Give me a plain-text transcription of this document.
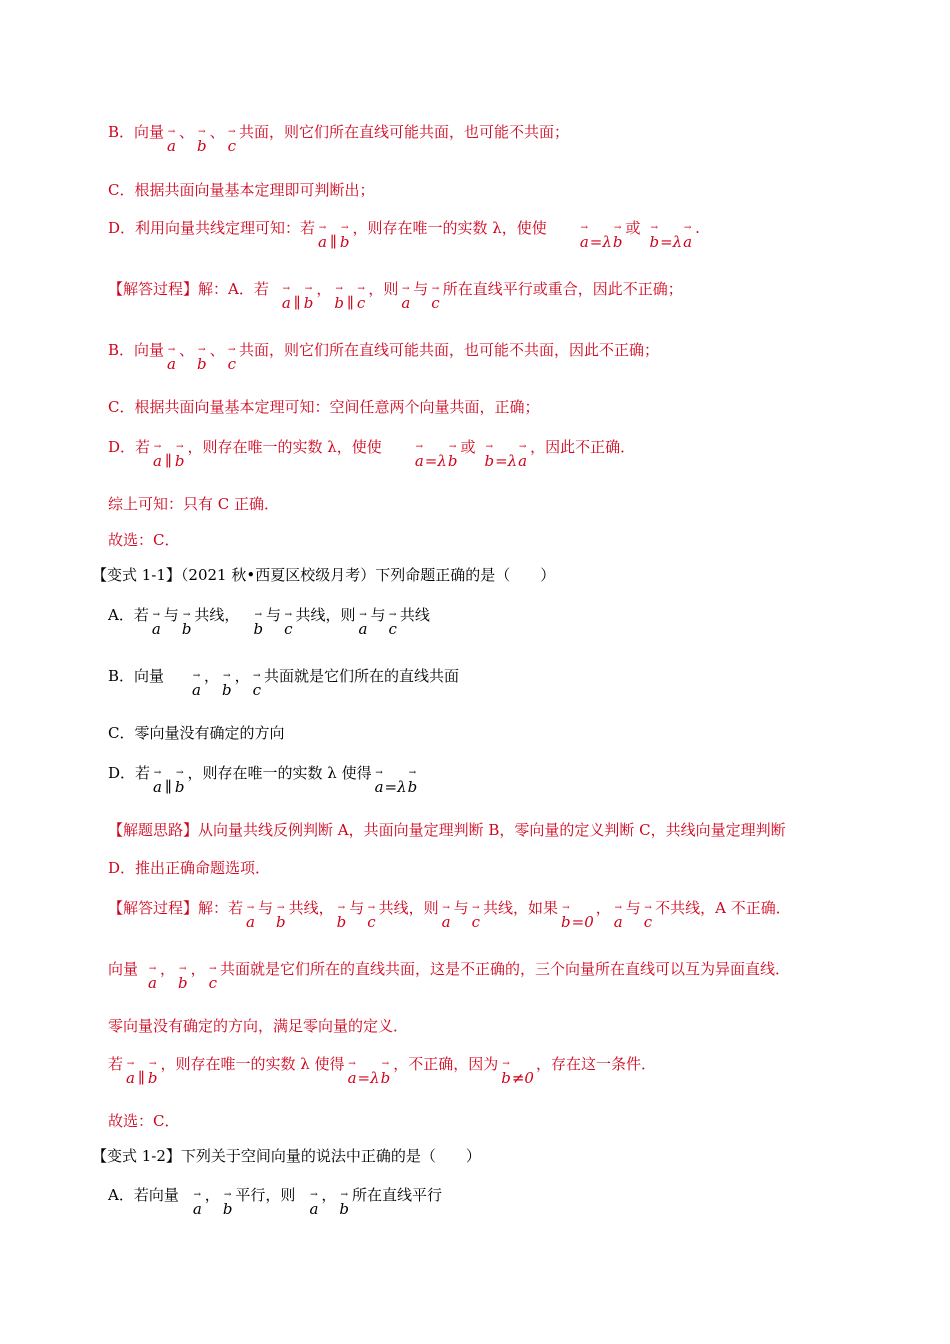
B．向量→ a、→ b、→ c共面，则它们所在直线可能共面，也可能不共面；
C．根据共面向量基本定理即可判断出；
D．利用向量共线定理可知：若→ a ∥ → b，则存在唯一的实数 λ，使使→ a=λ→ b或→ b=λ→ a.
【解答过程】解：A．若→ a ∥ → b，→ b ∥ → c，则→ a与→ c所在直线平行或重合，因此不正确；
B．向量→ a、→ b、→ c共面，则它们所在直线可能共面，也可能不共面，因此不正确；
C．根据共面向量基本定理可知：空间任意两个向量共面，正确；
D．若→ a ∥ → b，则存在唯一的实数 λ，使使→ a=λ→ b或→ b=λ→ a，因此不正确．
综上可知：只有 C 正确．
故选：C．
【变式 1-1】（2021 秋•西夏区校级月考）下列命题正确的是（　　）
A．若→ a与→ b共线，→ b与→ c共线，则→ a与→ c共线
B．向量→ a，→ b，→ c共面就是它们所在的直线共面
C．零向量没有确定的方向
D．若→ a ∥ → b，则存在唯一的实数 λ 使得→ a=λ→ b
【解题思路】从向量共线反例判断 A，共面向量定理判断 B，零向量的定义判断 C，共线向量定理判断
D．推出正确命题选项．
【解答过程】解：若→ a与→ b共线，→ b与→ c共线，则→ a与→ c共线，如果→ b=0，→ a与→ c不共线，A 不正确．
向量→ a，→ b，→ c共面就是它们所在的直线共面，这是不正确的，三个向量所在直线可以互为异面直线．
零向量没有确定的方向，满足零向量的定义．
若→ a ∥ → b，则存在唯一的实数 λ 使得→ a=λ→ b，不正确，因为→ b≠0，存在这一条件．
故选：C．
【变式 1-2】下列关于空间向量的说法中正确的是（　　）
A．若向量→ a，→ b平行，则→ a，→ b所在直线平行
